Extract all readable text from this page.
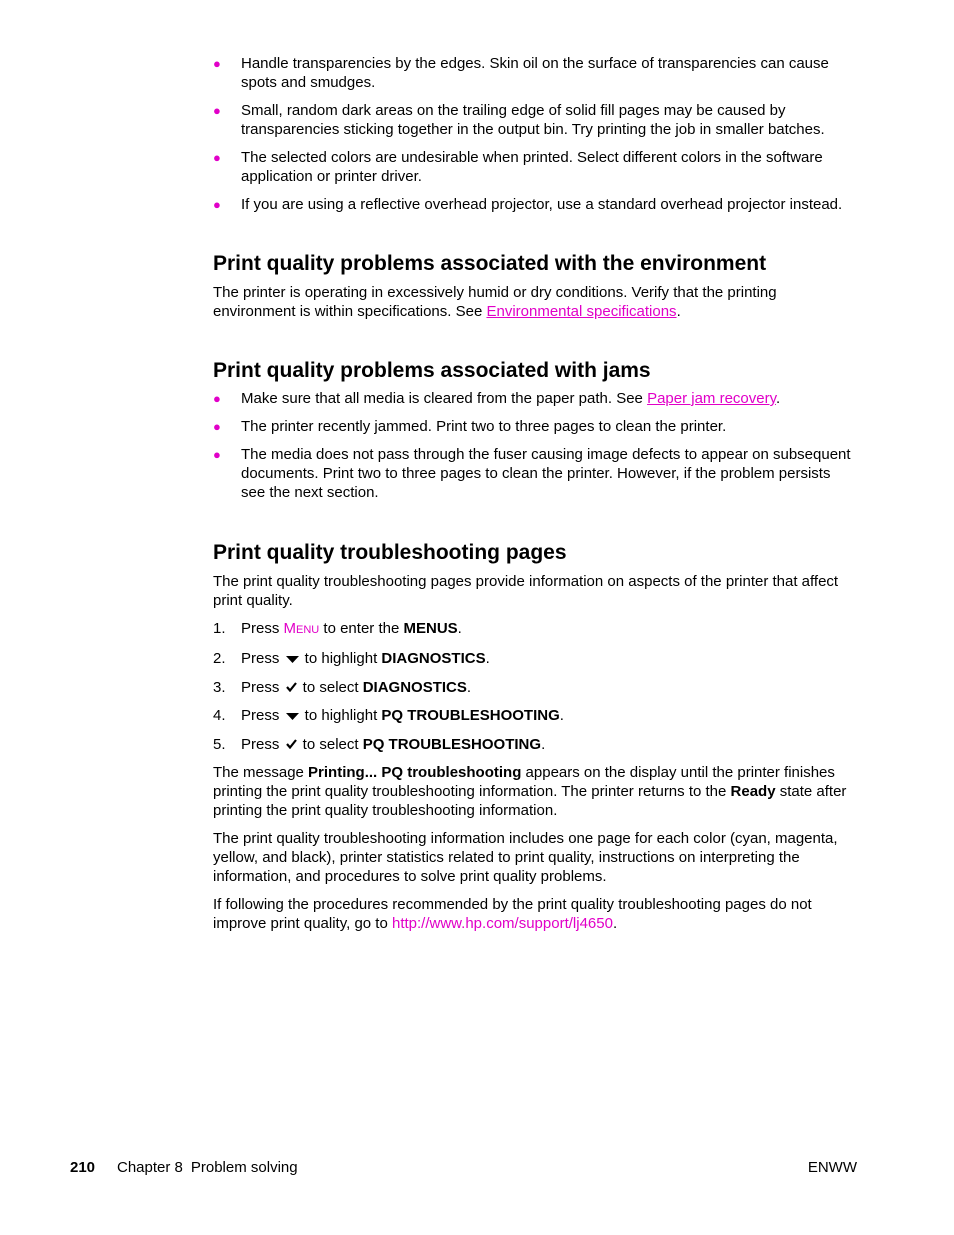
● Handle transparencies by the edges. Skin oil on the surface of transparencies can cause spots and smudges.
● Small, random dark areas on the trailing edge of solid fill pages may be caused by transparencies sticking together in the output bin. Try printing the job in smaller batches.
● The selected colors are undesirable when printed. Select different colors in the software application or printer driver.
● If you are using a reflective overhead projector, use a standard overhead projector instead.
Print quality problems associated with the environment

The printer is operating in excessively humid or dry conditions. Verify that the printing environment is within specifications. See Environmental specifications.

Print quality problems associated with jams
● Make sure that all media is cleared from the paper path. See Paper jam recovery.
● The printer recently jammed. Print two to three pages to clean the printer.
● The media does not pass through the fuser causing image defects to appear on subsequent documents. Print two to three pages to clean the printer. However, if the problem persists see the next section.
Print quality troubleshooting pages

The print quality troubleshooting pages provide information on aspects of the printer that affect print quality.

1. Press MENU to enter the MENUS.
2. Press  to highlight DIAGNOSTICS.
3. Press  to select DIAGNOSTICS.
4. Press  to highlight PQ TROUBLESHOOTING.
5. Press  to select PQ TROUBLESHOOTING.

The message Printing... PQ troubleshooting appears on the display until the printer finishes printing the print quality troubleshooting information. The printer returns to the Ready state after printing the print quality troubleshooting information.

The print quality troubleshooting information includes one page for each color (cyan, magenta, yellow, and black), printer statistics related to print quality, instructions on interpreting the information, and procedures to solve print quality problems.

If following the procedures recommended by the print quality troubleshooting pages do not improve print quality, go to http://www.hp.com/support/lj4650.

210 Chapter 8 Problem solving	ENWW
